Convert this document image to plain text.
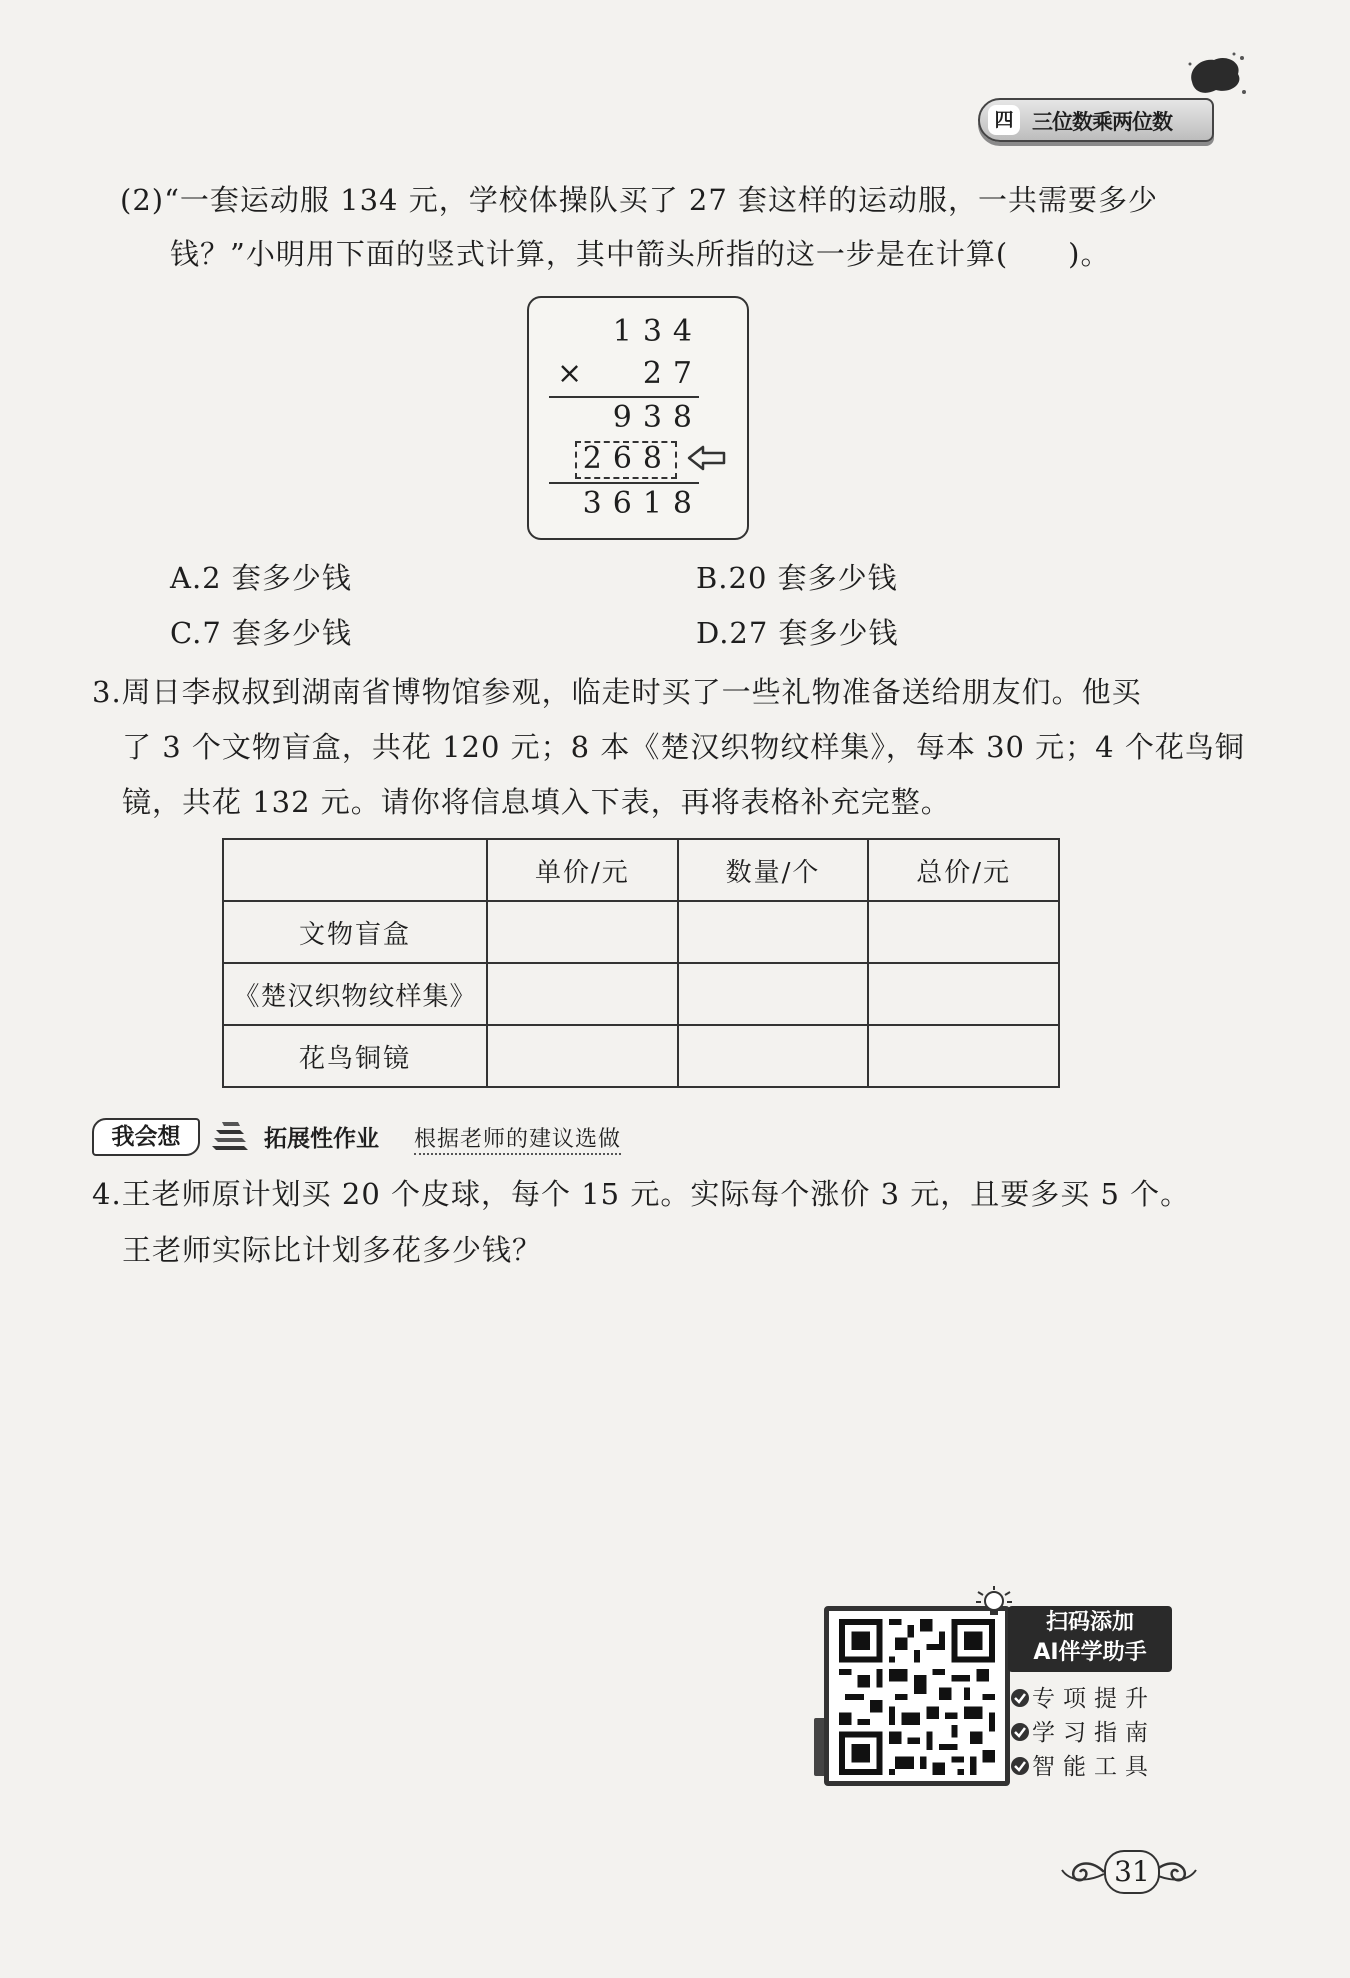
四 三位数乘两位数
(2)“一套运动服 134 元，学校体操队买了 27 套这样的运动服，一共需要多少
钱？”小明用下面的竖式计算，其中箭头所指的这一步是在计算( )。
134
× 27
938
268
3618
A.2 套多少钱	B.20 套多少钱
C.7 套多少钱	D.27 套多少钱
3.周日李叔叔到湖南省博物馆参观，临走时买了一些礼物准备送给朋友们。他买
了 3 个文物盲盒，共花 120 元；8 本《楚汉织物纹样集》，每本 30 元；4 个花鸟铜
镜，共花 132 元。请你将信息填入下表，再将表格补充完整。
	单价/元	数量/个	总价/元
文物盲盒			
《楚汉织物纹样集》			
花鸟铜镜			
我会想	拓展性作业 根据老师的建议选做
4.王老师原计划买 20 个皮球，每个 15 元。实际每个涨价 3 元，且要多买 5 个。
王老师实际比计划多花多少钱？
扫码添加
AI伴学助手
专项提升
学习指南
智能工具
31
